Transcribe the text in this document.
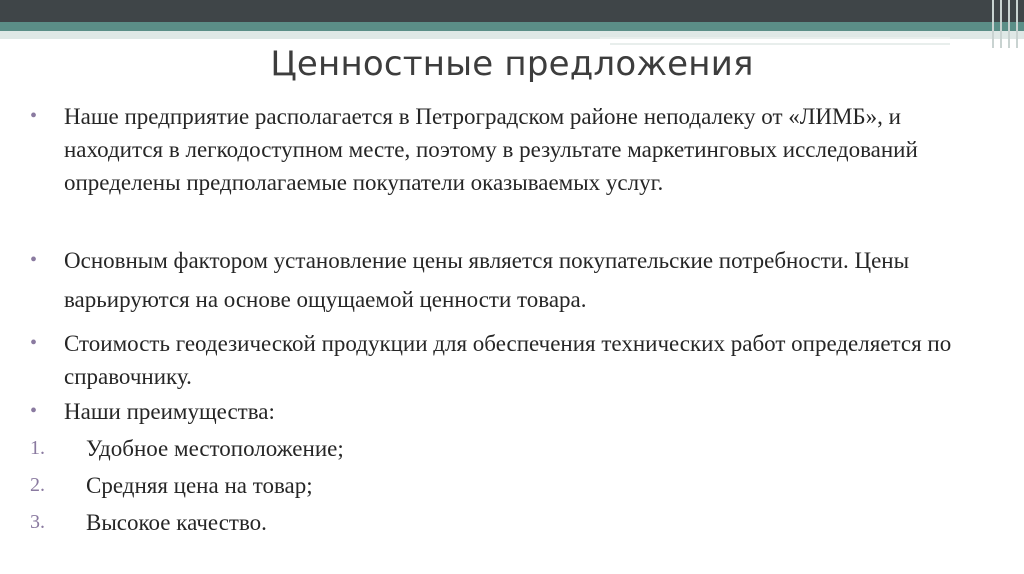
Ценностные предложения
•	Наше предприятие располагается в Петроградском районе неподалеку от «ЛИМБ», и находится в легкодоступном месте, поэтому в результате маркетинговых исследований определены предполагаемые покупатели оказываемых услуг.
•	Основным фактором установление цены является покупательские потребности. Цены варьируются на основе ощущаемой ценности товара.
•	Стоимость геодезической продукции для обеспечения технических работ определяется по справочнику.
•	Наши преимущества:
1. Удобное местоположение;
2. Средняя цена на товар;
3. Высокое качество.
